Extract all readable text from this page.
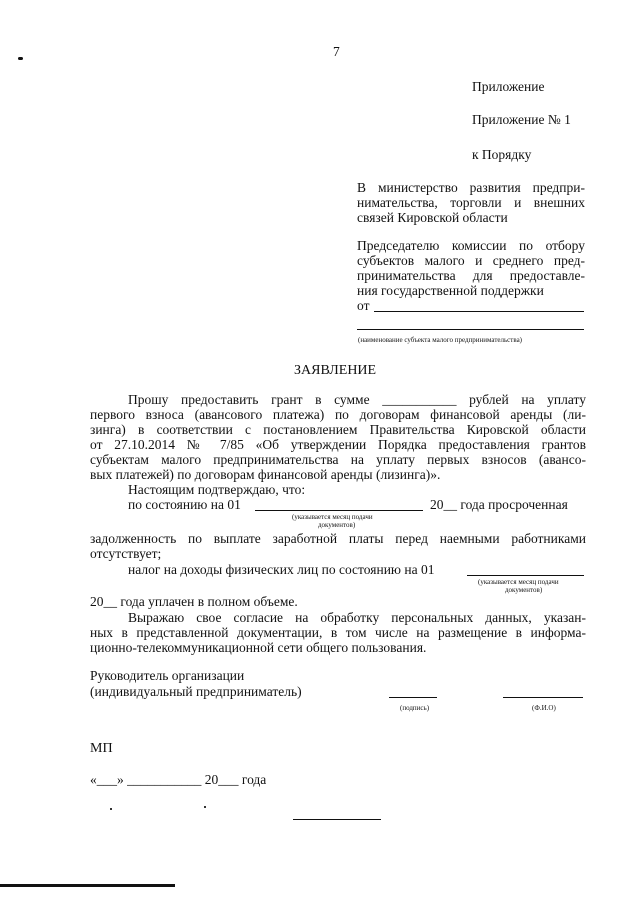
7
Приложение
Приложение № 1
к Порядку
В министерство развития предпри-
нимательства, торговли и внешних
связей Кировской области
Председателю комиссии по отбору
субъектов малого и среднего пред-
принимательства для предоставле-
ния государственной поддержки
от
(наименование субъекта малого предпринимательства)
ЗАЯВЛЕНИЕ
Прошу предоставить грант в сумме ___________ рублей на уплату
первого взноса (авансового платежа) по договорам финансовой аренды (ли-
зинга) в соответствии с постановлением Правительства Кировской области
от 27.10.2014 № 7/85 «Об утверждении Порядка предоставления грантов
субъектам малого предпринимательства на уплату первых взносов (авансо-
вых платежей) по договорам финансовой аренды (лизинга)».
Настоящим подтверждаю, что:
по состоянию на 01	20__ года просроченная
(указывается месяц подачи
документов)
задолженность по выплате заработной платы перед наемными работниками
отсутствует;
налог на доходы физических лиц по состоянию на 01
(указывается месяц подачи
документов)
20__ года уплачен в полном объеме.
Выражаю свое согласие на обработку персональных данных, указан-
ных в представленной документации, в том числе на размещение в информа-
ционно-телекоммуникационной сети общего пользования.
Руководитель организации
(индивидуальный предприниматель)
(подпись)	(Ф.И.О)
МП
«___» ___________ 20___ года
